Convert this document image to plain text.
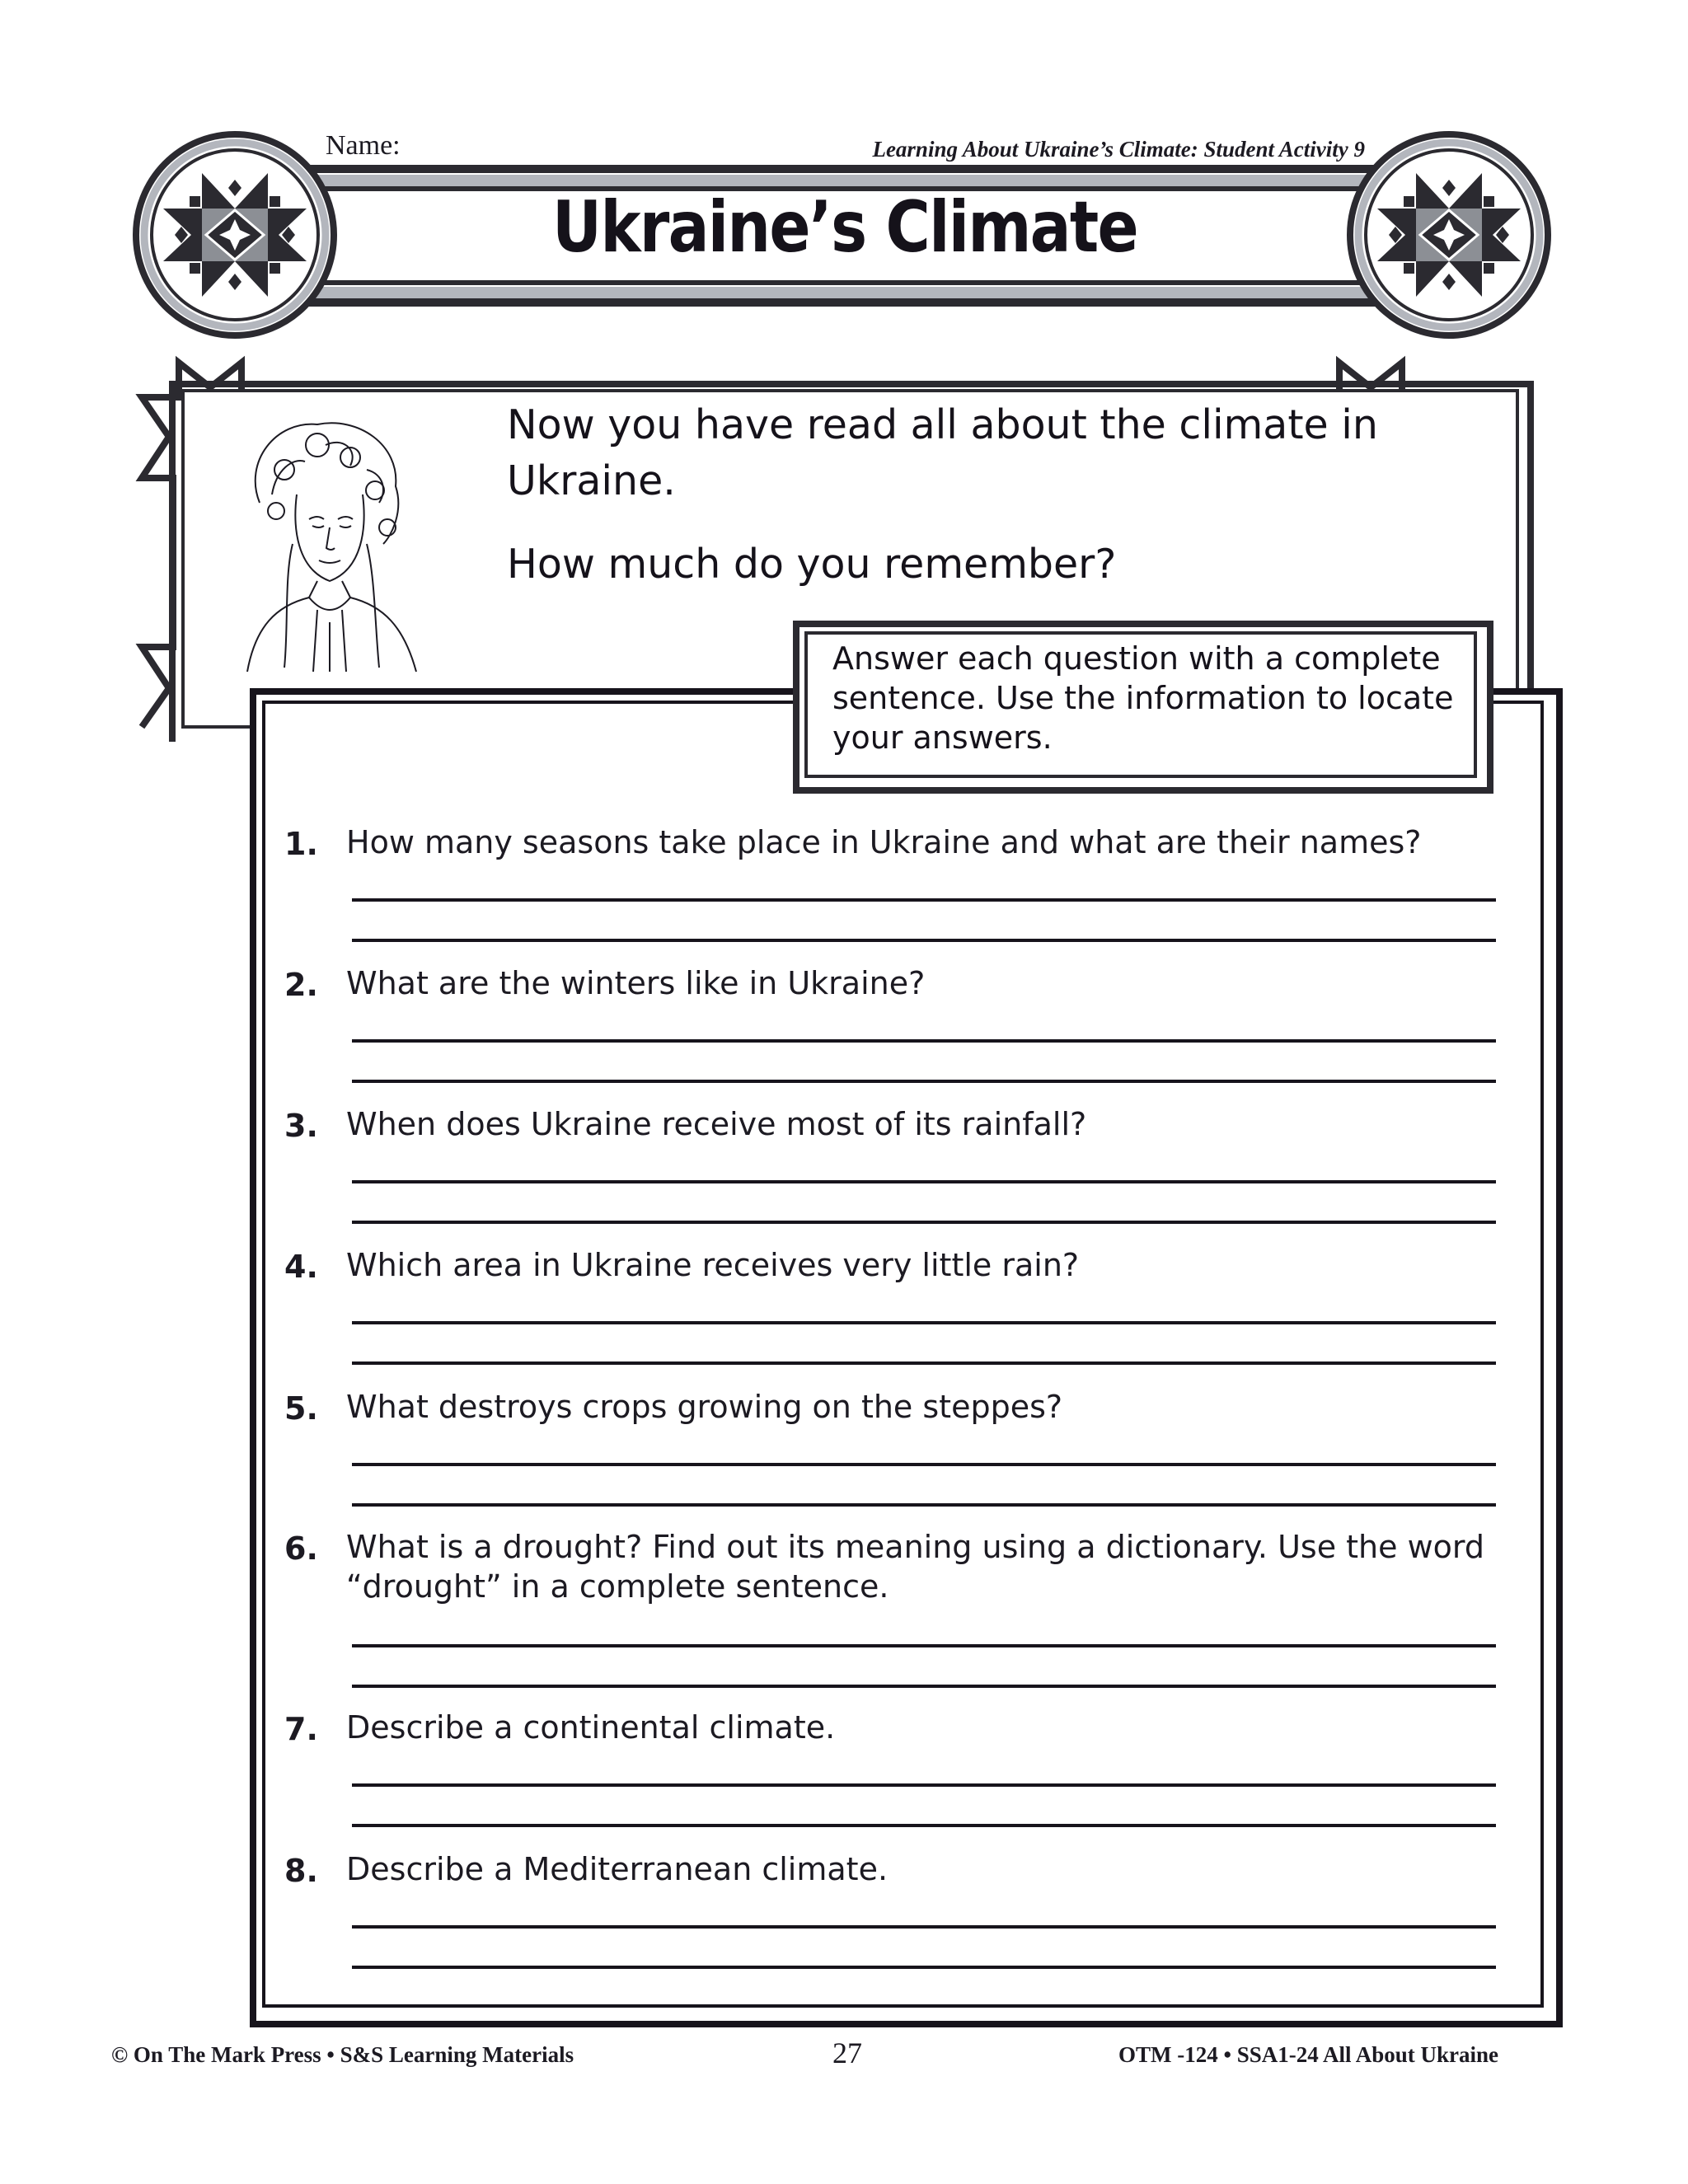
Name:	Learning About Ukraine’s Climate: Student Activity 9
Ukraine’s Climate
Now you have read all about the climate in
Ukraine.
How much do you remember?
Answer each question with a complete
sentence. Use the information to locate
your answers.
1. How many seasons take place in Ukraine and what are their names?
2. What are the winters like in Ukraine?
3. When does Ukraine receive most of its rainfall?
4. Which area in Ukraine receives very little rain?
5. What destroys crops growing on the steppes?
6. What is a drought? Find out its meaning using a dictionary. Use the word
“drought” in a complete sentence.
7. Describe a continental climate.
8. Describe a Mediterranean climate.
© On The Mark Press • S&S Learning Materials	27	OTM -124 • SSA1-24 All About Ukraine
